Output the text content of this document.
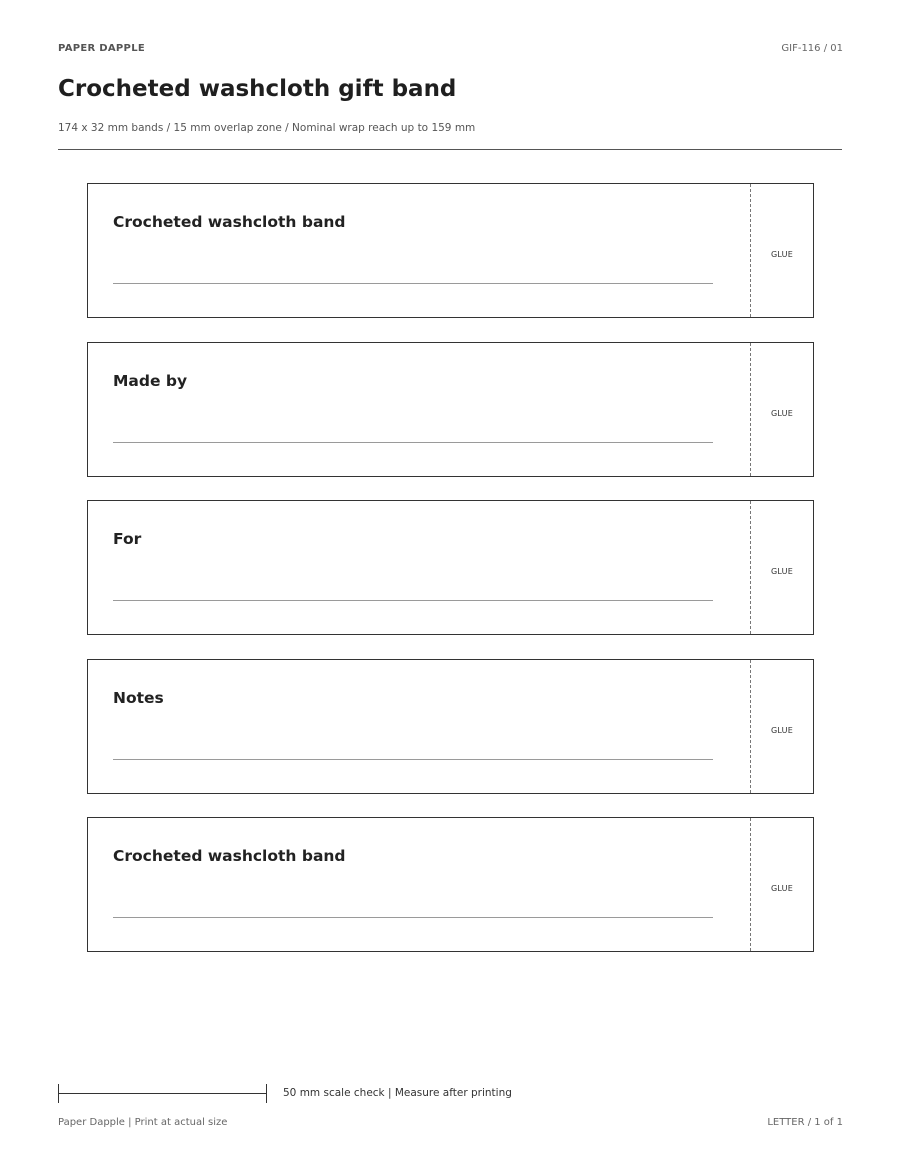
PAPER DAPPLE	GIF-116 / 01
Crocheted washcloth gift band
174 x 32 mm bands / 15 mm overlap zone / Nominal wrap reach up to 159 mm
Crocheted washcloth band
GLUE
Made by
GLUE
For
GLUE
Notes
GLUE
Crocheted washcloth band
GLUE
50 mm scale check | Measure after printing
Paper Dapple | Print at actual size	LETTER / 1 of 1
